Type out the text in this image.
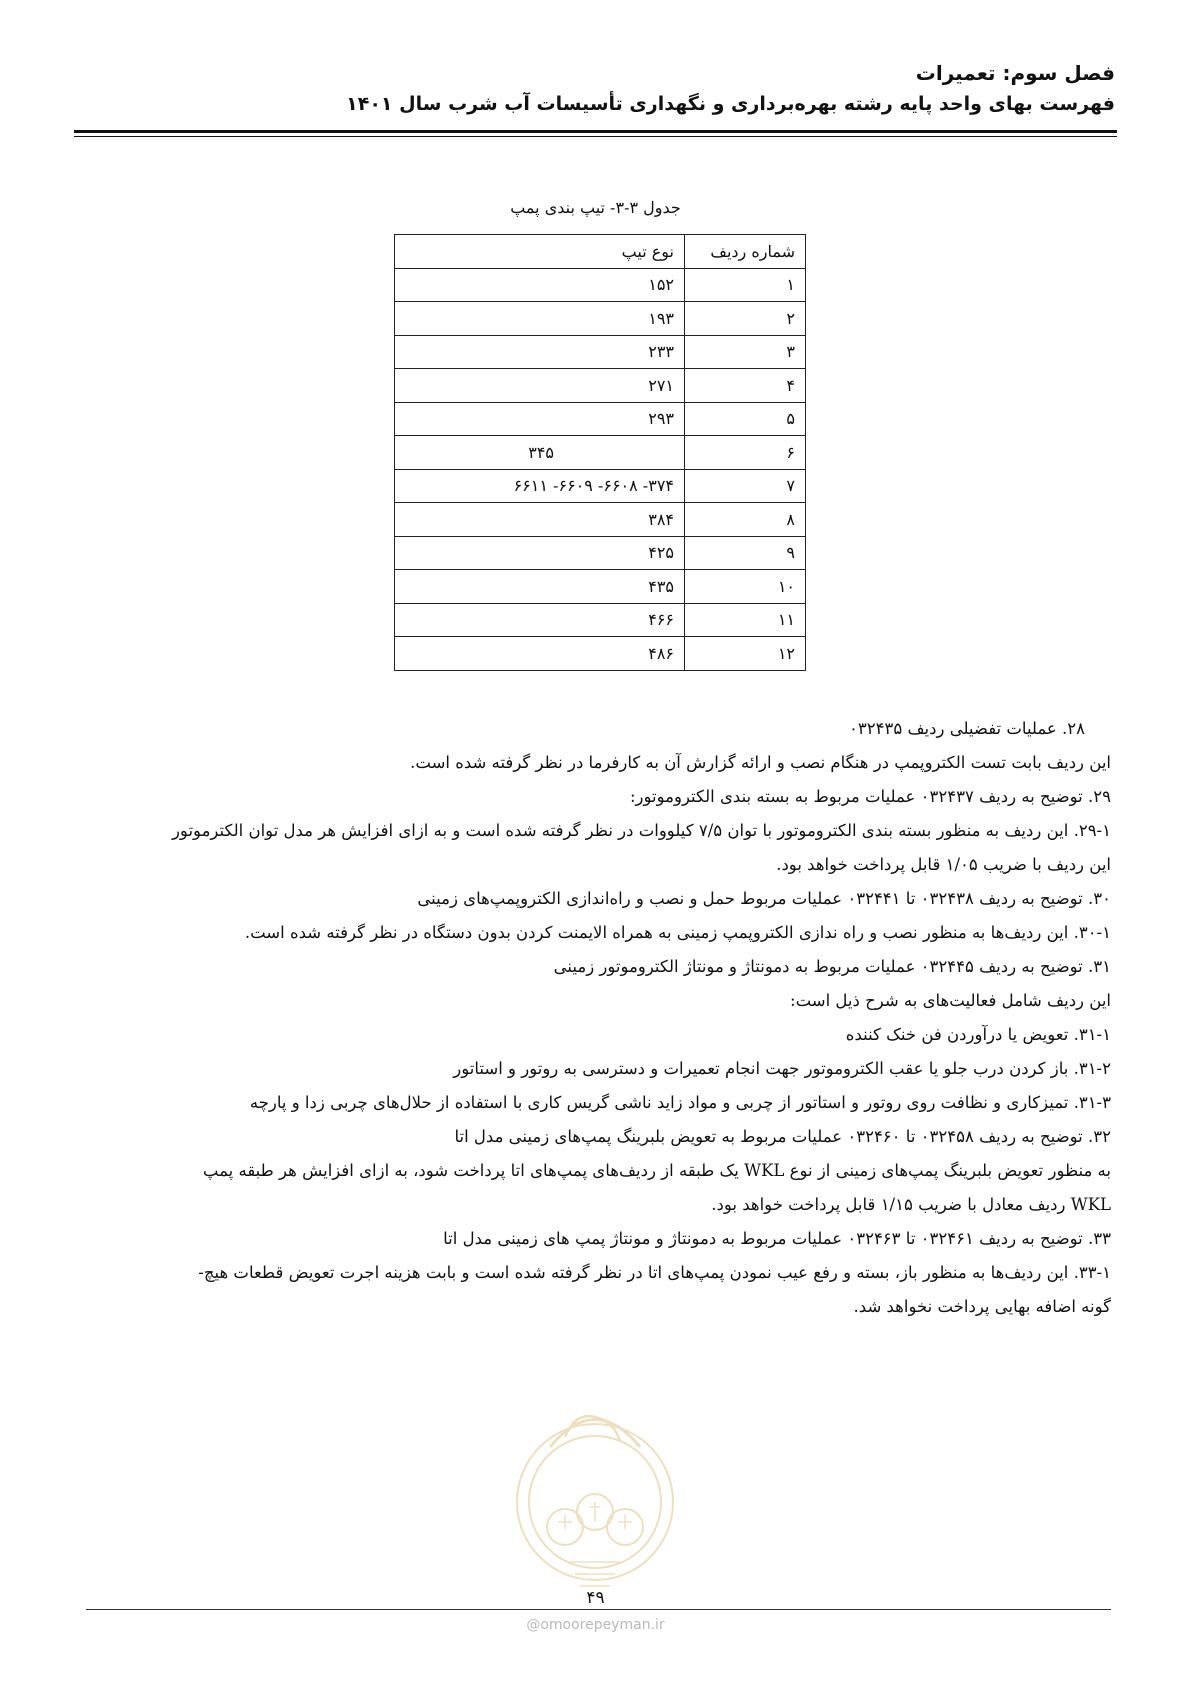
فصل سوم: تعمیرات
فهرست بهای واحد پایه رشته بهره‌برداری و نگهداری تأسیسات آب شرب سال ۱۴۰۱
جدول ۳-۳- تیپ بندی پمپ
شماره ردیف	نوع تیپ
۱	۱۵۲
۲	۱۹۳
۳	۲۳۳
۴	۲۷۱
۵	۲۹۳
۶	۳۴۵
۷	۳۷۴- ۶۶۰۸- ۶۶۰۹- ۶۶۱۱
۸	۳۸۴
۹	۴۲۵
۱۰	۴۳۵
۱۱	۴۶۶
۱۲	۴۸۶

۲۸. عملیات تفضیلی ردیف ۰۳۲۴۳۵

این ردیف بابت تست الکتروپمپ در هنگام نصب و ارائه گزارش آن به کارفرما در نظر گرفته شده است.

۲۹. توضیح به ردیف ۰۳۲۴۳۷ عملیات مربوط به بسته بندی الکتروموتور:

۲۹-۱. این ردیف به منظور بسته بندی الکتروموتور با توان ۷/۵ کیلووات در نظر گرفته شده است و به ازای افزایش هر مدل توان الکترموتور

این ردیف با ضریب ۱/۰۵ قابل پرداخت خواهد بود.

۳۰. توضیح به ردیف ۰۳۲۴۳۸ تا ۰۳۲۴۴۱ عملیات مربوط حمل و نصب و راه‌اندازی الکتروپمپ‌های زمینی

۳۰-۱. این ردیف‌ها به منظور نصب و راه ندازی الکتروپمپ زمینی به همراه الایمنت کردن بدون دستگاه در نظر گرفته شده است.

۳۱. توضیح به ردیف ۰۳۲۴۴۵ عملیات مربوط به دمونتاژ و مونتاژ الکتروموتور زمینی

این ردیف شامل فعالیت‌های به شرح ذیل است:

۳۱-۱. تعویض یا درآوردن فن خنک کننده

۳۱-۲. باز کردن درب جلو یا عقب الکتروموتور جهت انجام تعمیرات و دسترسی به روتور و استاتور

۳۱-۳. تمیزکاری و نظافت روی روتور و استاتور از چربی و مواد زاید ناشی گریس کاری با استفاده از حلال‌های چربی زدا و پارچه

۳۲. توضیح به ردیف ۰۳۲۴۵۸ تا ۰۳۲۴۶۰ عملیات مربوط به تعویض بلبرینگ پمپ‌های زمینی مدل اتا

به منظور تعویض بلبرینگ پمپ‌های زمینی از نوع WKL یک طبقه از ردیف‌های پمپ‌های اتا پرداخت شود، به ازای افزایش هر طبقه پمپ

WKL ردیف معادل با ضریب ۱/۱۵ قابل پرداخت خواهد بود.

۳۳. توضیح به ردیف ۰۳۲۴۶۱ تا ۰۳۲۴۶۳ عملیات مربوط به دمونتاژ و مونتاژ پمپ های زمینی مدل اتا

۳۳-۱. این ردیف‌ها به منظور باز، بسته و رفع عیب نمودن پمپ‌های اتا در نظر گرفته شده است و بابت هزینه اجرت تعویض قطعات هیچ-

گونه اضافه بهایی پرداخت نخواهد شد.

۴۹
@omoorepeyman.ir
